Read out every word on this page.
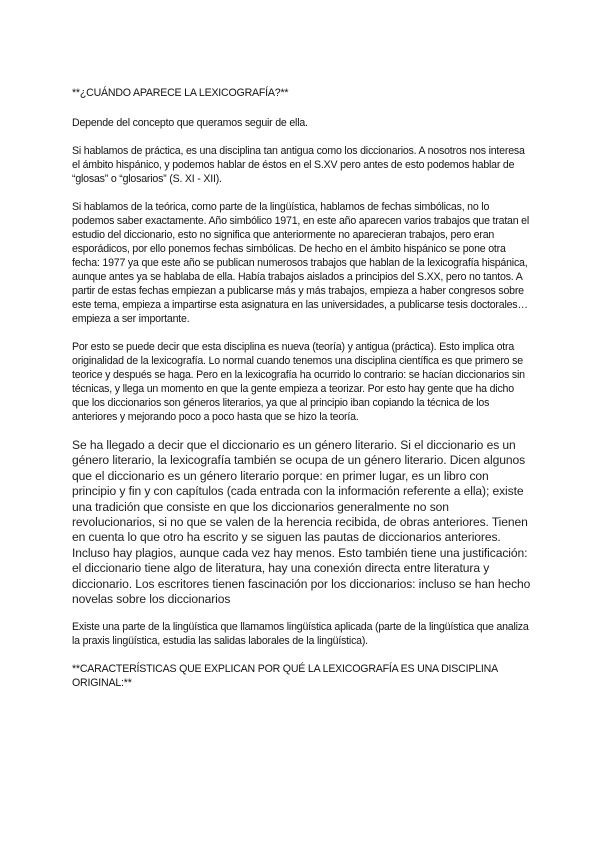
**¿CUÁNDO APARECE LA LEXICOGRAFÍA?**

Depende del concepto que queramos seguir de ella.

Si hablamos de práctica, es una disciplina tan antigua como los diccionarios. A nosotros nos interesa el ámbito hispánico, y podemos hablar de éstos en el S.XV pero antes de esto podemos hablar de “glosas” o “glosarios” (S. XI - XII).

Si hablamos de la teórica, como parte de la lingüística, hablamos de fechas simbólicas, no lo podemos saber exactamente. Año simbólico 1971, en este año aparecen varios trabajos que tratan el estudio del diccionario, esto no significa que anteriormente no aparecieran trabajos, pero eran esporádicos, por ello ponemos fechas simbólicas. De hecho en el ámbito hispánico se pone otra fecha: 1977 ya que este año se publican numerosos trabajos que hablan de la lexicografía hispánica, aunque antes ya se hablaba de ella. Había trabajos aislados a principios del S.XX, pero no tantos. A partir de estas fechas empiezan a publicarse más y más trabajos, empieza a haber congresos sobre este tema, empieza a impartirse esta asignatura en las universidades, a publicarse tesis doctorales… empieza a ser importante.

Por esto se puede decir que esta disciplina es nueva (teoría) y antigua (práctica). Esto implica otra originalidad de la lexicografía. Lo normal cuando tenemos una disciplina científica es que primero se teorice y después se haga. Pero en la lexicografía ha ocurrido lo contrario: se hacían diccionarios sin técnicas, y llega un momento en que la gente empieza a teorizar. Por esto hay gente que ha dicho que los diccionarios son géneros literarios, ya que al principio iban copiando la técnica de los anteriores y mejorando poco a poco hasta que se hizo la teoría.

Se ha llegado a decir que el diccionario es un género literario. Si el diccionario es un género literario, la lexicografía también se ocupa de un género literario. Dicen algunos que el diccionario es un género literario porque: en primer lugar, es un libro con principio y fin y con capítulos (cada entrada con la información referente a ella); existe una tradición que consiste en que los diccionarios generalmente no son revolucionarios, si no que se valen de la herencia recibida, de obras anteriores. Tienen en cuenta lo que otro ha escrito y se siguen las pautas de diccionarios anteriores. Incluso hay plagios, aunque cada vez hay menos. Esto también tiene una justificación: el diccionario tiene algo de literatura, hay una conexión directa entre literatura y diccionario. Los escritores tienen fascinación por los diccionarios: incluso se han hecho novelas sobre los diccionarios

Existe una parte de la lingüística que llamamos lingüística aplicada (parte de la lingüística que analiza la praxis lingüística, estudia las salidas laborales de la lingüística).

**CARACTERÍSTICAS QUE EXPLICAN POR QUÉ LA LEXICOGRAFÍA ES UNA DISCIPLINA ORIGINAL:**
